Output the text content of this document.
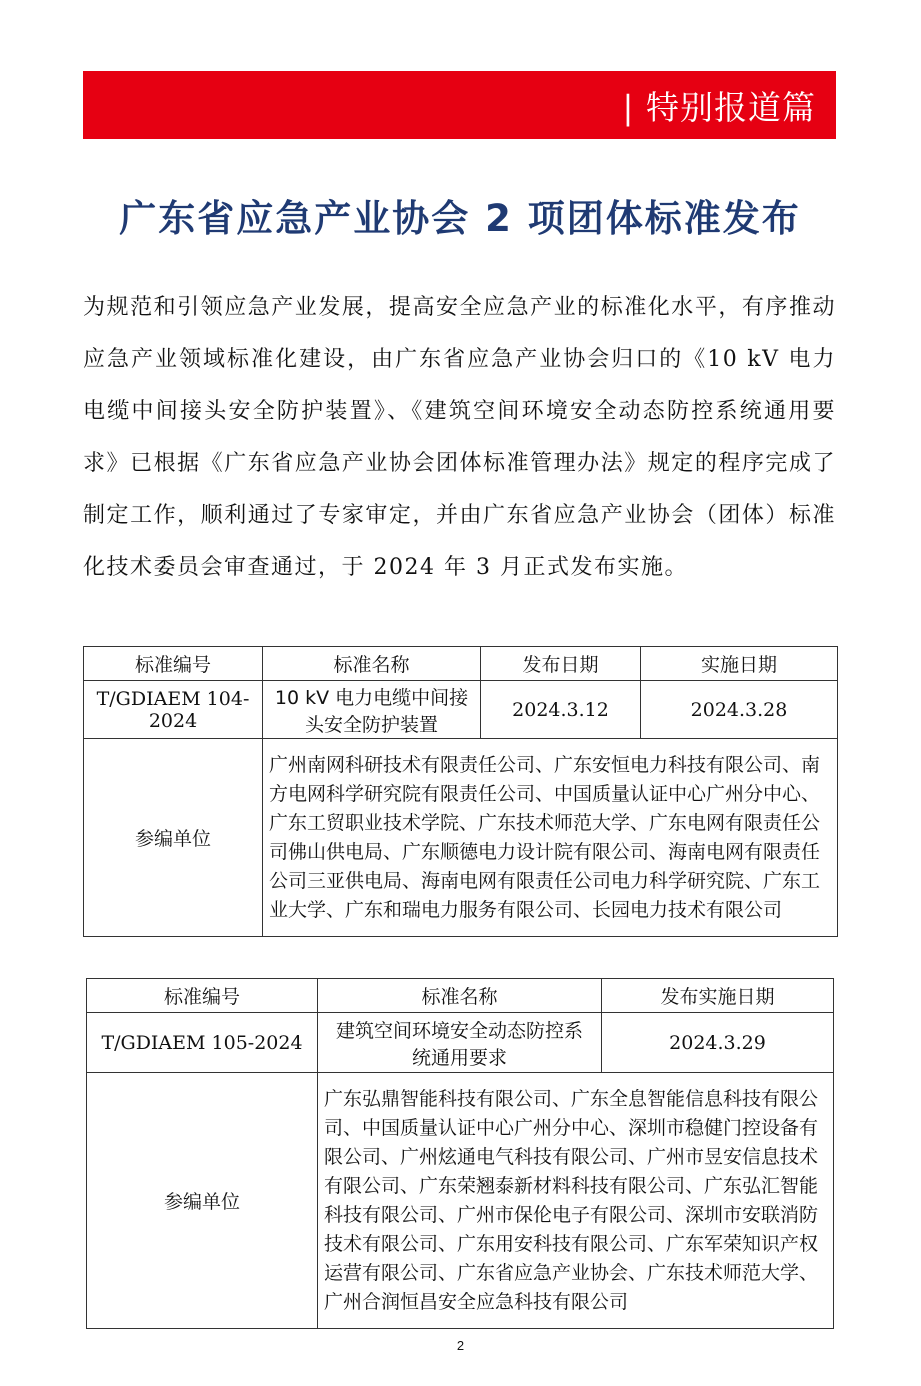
| 特别报道篇
广东省应急产业协会 2 项团体标准发布

为规范和引领应急产业发展，提高安全应急产业的标准化水平，有序推动应急产业领域标准化建设，由广东省应急产业协会归口的《10 kV 电力电缆中间接头安全防护装置》、《建筑空间环境安全动态防控系统通用要求》已根据《广东省应急产业协会团体标准管理办法》规定的程序完成了制定工作，顺利通过了专家审定，并由广东省应急产业协会（团体）标准化技术委员会审查通过，于 2024 年 3 月正式发布实施。

标准编号	标准名称	发布日期	实施日期
T/GDIAEM 104-2024	10 kV 电力电缆中间接头安全防护装置	2024.3.12	2024.3.28
参编单位	广州南网科研技术有限责任公司、广东安恒电力科技有限公司、南方电网科学研究院有限责任公司、中国质量认证中心广州分中心、广东工贸职业技术学院、广东技术师范大学、广东电网有限责任公司佛山供电局、广东顺德电力设计院有限公司、海南电网有限责任公司三亚供电局、海南电网有限责任公司电力科学研究院、广东工业大学、广东和瑞电力服务有限公司、长园电力技术有限公司		
标准编号	标准名称	发布实施日期
T/GDIAEM 105-2024	建筑空间环境安全动态防控系统通用要求	2024.3.29
参编单位	广东弘鼎智能科技有限公司、广东全息智能信息科技有限公司、中国质量认证中心广州分中心、深圳市稳健门控设备有限公司、广州炫通电气科技有限公司、广州市昱安信息技术有限公司、广东荣翘泰新材料科技有限公司、广东弘汇智能科技有限公司、广州市保伦电子有限公司、深圳市安联消防技术有限公司、广东用安科技有限公司、广东军荣知识产权运营有限公司、广东省应急产业协会、广东技术师范大学、广州合润恒昌安全应急科技有限公司	
2
